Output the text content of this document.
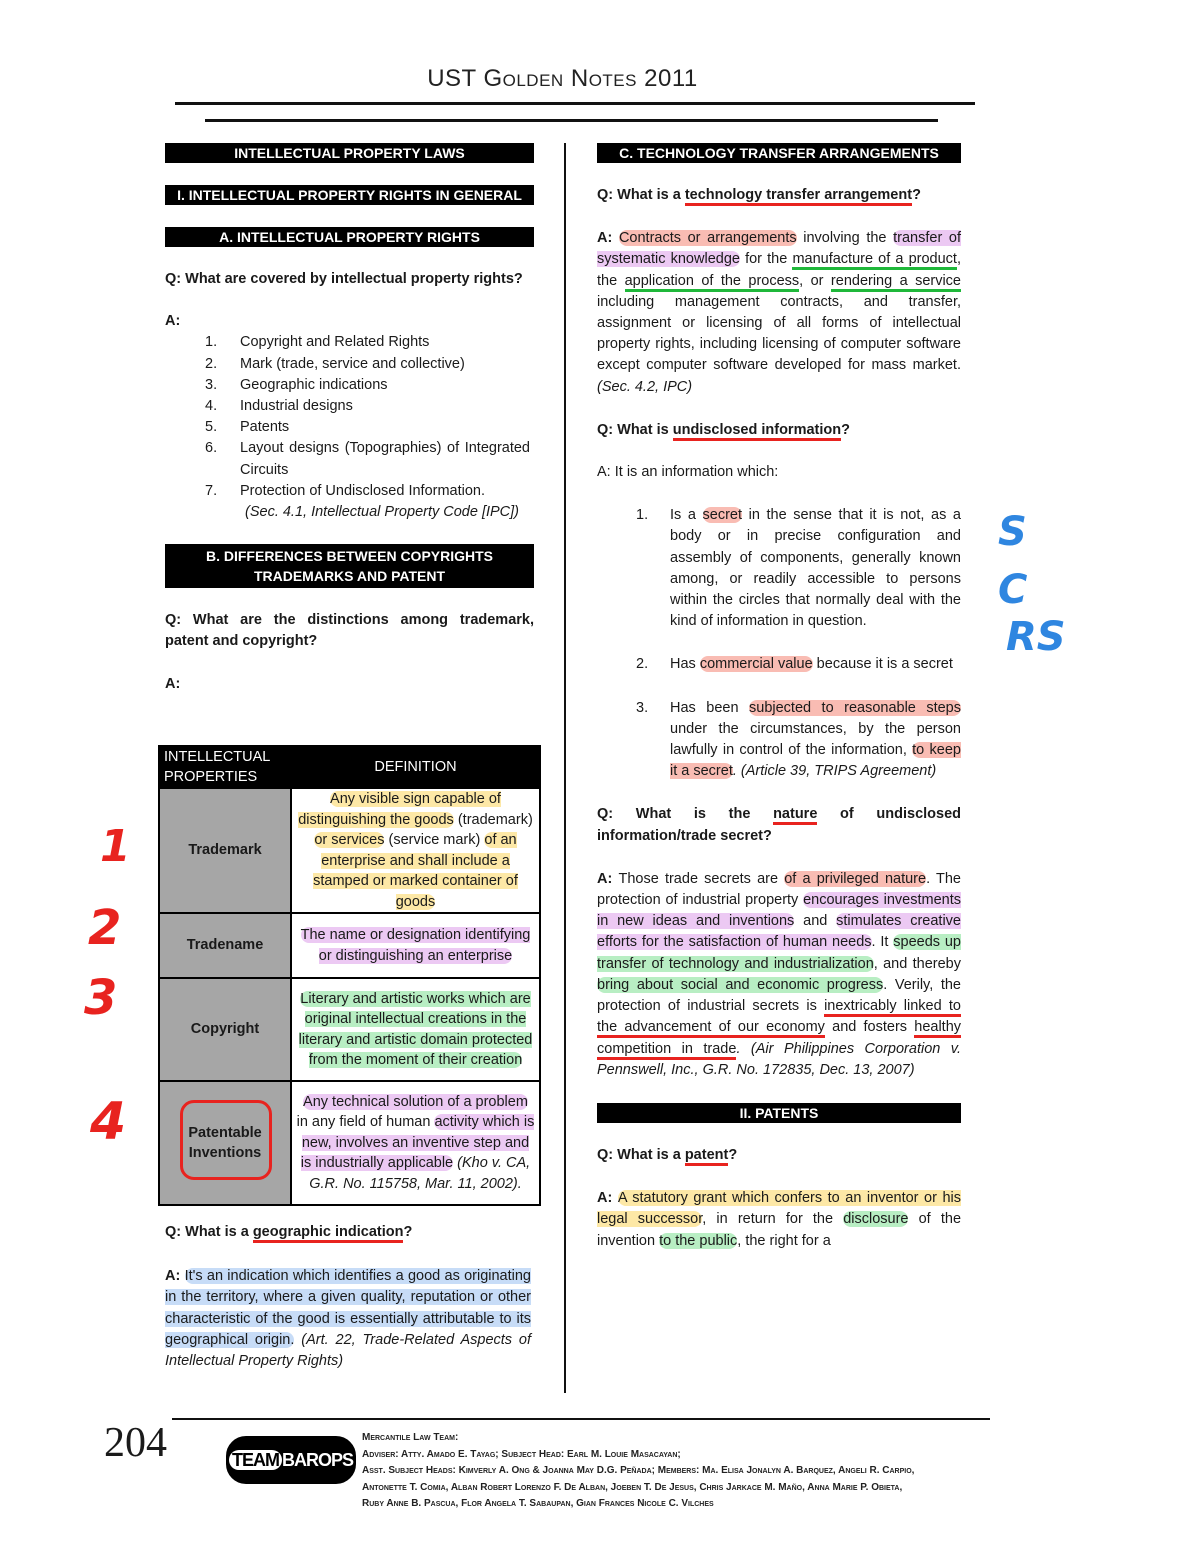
UST Golden Notes 2011
INTELLECTUAL PROPERTY LAWS
I. INTELLECTUAL PROPERTY RIGHTS IN GENERAL
A. INTELLECTUAL PROPERTY RIGHTS

Q: What are covered by intellectual property rights?

A:

1. Copyright and Related Rights
2. Mark (trade, service and collective)
3. Geographic indications
4. Industrial designs
5. Patents
6. Layout designs (Topographies) of Integrated Circuits
7. Protection of Undisclosed Information.

(Sec. 4.1, Intellectual Property Code [IPC])

B. DIFFERENCES BETWEEN COPYRIGHTS
TRADEMARKS AND PATENT

Q: What are the distinctions among trademark, patent and copyright?

A:

INTELLECTUAL PROPERTIES	DEFINITION
Trademark	Any visible sign capable of distinguishing the goods (trademark) or services (service mark) of an enterprise and shall include a stamped or marked container of goods
Tradename	The name or designation identifying or distinguishing an enterprise
Copyright	Literary and artistic works which are original intellectual creations in the literary and artistic domain protected from the moment of their creation
Patentable Inventions	Any technical solution of a problem in any field of human activity which is new, involves an inventive step and is industrially applicable (Kho v. CA, G.R. No. 115758, Mar. 11, 2002).

Q: What is a geographic indication?

A: It's an indication which identifies a good as originating in the territory, where a given quality, reputation or other characteristic of the good is essentially attributable to its geographical origin. (Art. 22, Trade-Related Aspects of Intellectual Property Rights)

C. TECHNOLOGY TRANSFER ARRANGEMENTS

Q: What is a technology transfer arrangement?

A: Contracts or arrangements involving the transfer of systematic knowledge for the manufacture of a product, the application of the process, or rendering a service including management contracts, and transfer, assignment or licensing of all forms of intellectual property rights, including licensing of computer software except computer software developed for mass market. (Sec. 4.2, IPC)

Q: What is undisclosed information?

A: It is an information which:

1. Is a secret in the sense that it is not, as a body or in precise configuration and assembly of components, generally known among, or readily accessible to persons within the circles that normally deal with the kind of information in question.
2. Has commercial value because it is a secret
3. Has been subjected to reasonable steps under the circumstances, by the person lawfully in control of the information, to keep it a secret. (Article 39, TRIPS Agreement)

Q: What is the nature of undisclosed information/trade secret?

A: Those trade secrets are of a privileged nature. The protection of industrial property encourages investments in new ideas and inventions and stimulates creative efforts for the satisfaction of human needs. It speeds up transfer of technology and industrialization, and thereby bring about social and economic progress. Verily, the protection of industrial secrets is inextricably linked to the advancement of our economy and fosters healthy competition in trade. (Air Philippines Corporation v. Pennswell, Inc., G.R. No. 172835, Dec. 13, 2007)

II. PATENTS

Q: What is a patent?

A: A statutory grant which confers to an inventor or his legal successor, in return for the disclosure of the invention to the public, the right for a

S
C
RS
1
2
3
4
204	TEAM BAROPS
Mercantile Law Team:
Adviser: Atty. Amado E. Tayag; Subject Head: Earl M. Louie Masacayan;
Asst. Subject Heads: Kimverly A. Ong & Joanna May D.G. Peñada; Members: Ma. Elisa Jonalyn A. Barquez, Angeli R. Carpio,
Antonette T. Comia, Alban Robert Lorenzo F. De Alban, Joeben T. De Jesus, Chris Jarkace M. Maño, Anna Marie P. Obieta,
Ruby Anne B. Pascua, Flor Angela T. Sabaupan, Gian Frances Nicole C. Vilches
